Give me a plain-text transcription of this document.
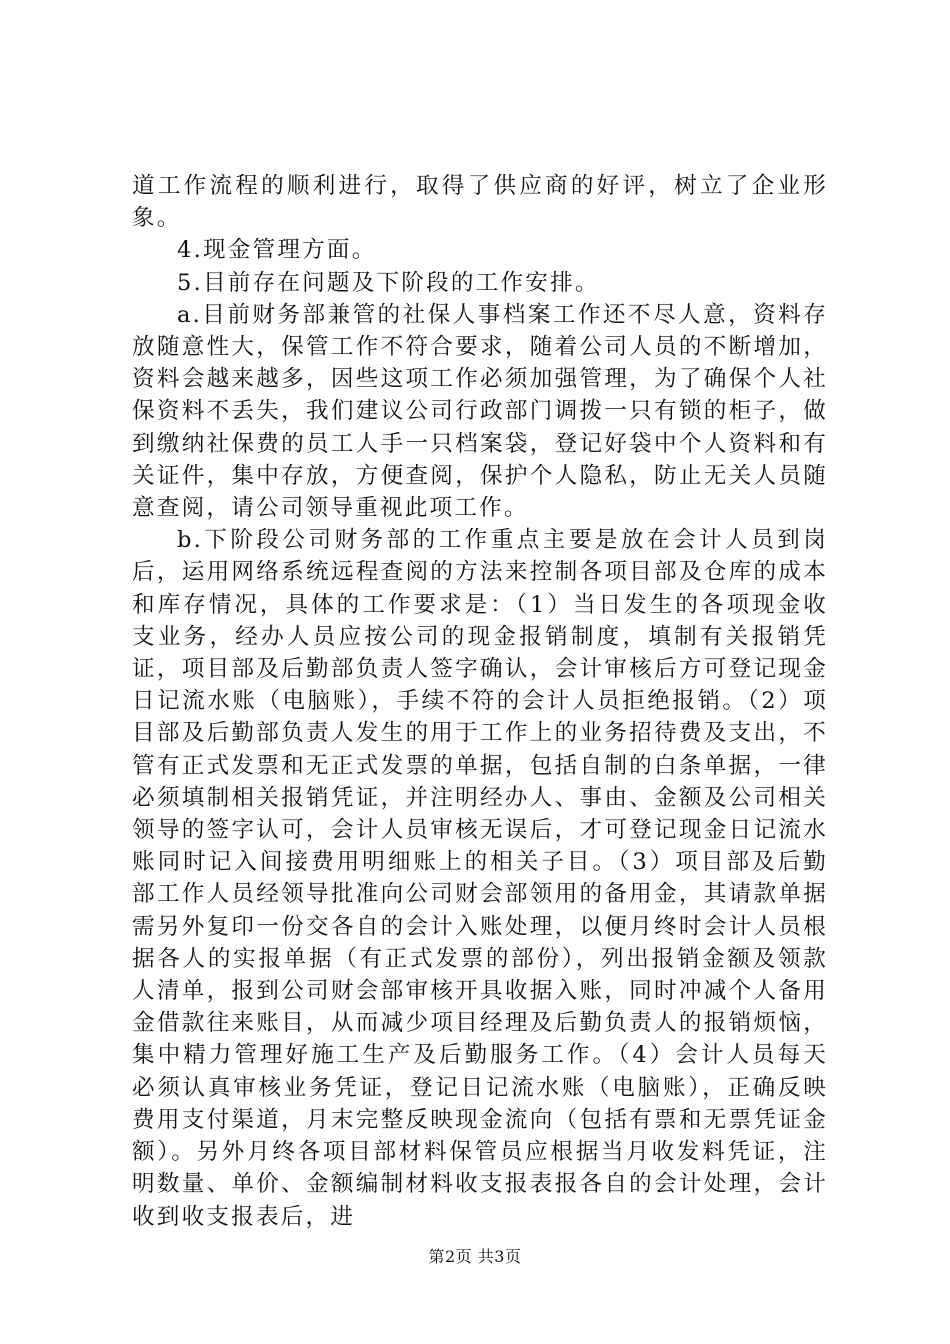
道工作流程的顺利进行，取得了供应商的好评，树立了企业形象。

4.现金管理方面。

5.目前存在问题及下阶段的工作安排。

a.目前财务部兼管的社保人事档案工作还不尽人意，资料存放随意性大，保管工作不符合要求，随着公司人员的不断增加，资料会越来越多，因些这项工作必须加强管理，为了确保个人社保资料不丢失，我们建议公司行政部门调拨一只有锁的柜子，做到缴纳社保费的员工人手一只档案袋，登记好袋中个人资料和有关证件，集中存放，方便查阅，保护个人隐私，防止无关人员随意查阅，请公司领导重视此项工作。

b.下阶段公司财务部的工作重点主要是放在会计人员到岗后，运用网络系统远程查阅的方法来控制各项目部及仓库的成本和库存情况，具体的工作要求是：（1）当日发生的各项现金收支业务，经办人员应按公司的现金报销制度，填制有关报销凭证，项目部及后勤部负责人签字确认，会计审核后方可登记现金日记流水账（电脑账），手续不符的会计人员拒绝报销。（2）项目部及后勤部负责人发生的用于工作上的业务招待费及支出，不管有正式发票和无正式发票的单据，包括自制的白条单据，一律必须填制相关报销凭证，并注明经办人、事由、金额及公司相关领导的签字认可，会计人员审核无误后，才可登记现金日记流水账同时记入间接费用明细账上的相关子目。（3）项目部及后勤部工作人员经领导批准向公司财会部领用的备用金，其请款单据需另外复印一份交各自的会计入账处理，以便月终时会计人员根据各人的实报单据（有正式发票的部份），列出报销金额及领款人清单，报到公司财会部审核开具收据入账，同时冲减个人备用金借款往来账目，从而减少项目经理及后勤负责人的报销烦恼，集中精力管理好施工生产及后勤服务工作。（4）会计人员每天必须认真审核业务凭证，登记日记流水账（电脑账），正确反映费用支付渠道，月末完整反映现金流向（包括有票和无票凭证金额）。另外月终各项目部材料保管员应根据当月收发料凭证，注明数量、单价、金额编制材料收支报表报各自的会计处理，会计收到收支报表后，进

第2页 共3页
